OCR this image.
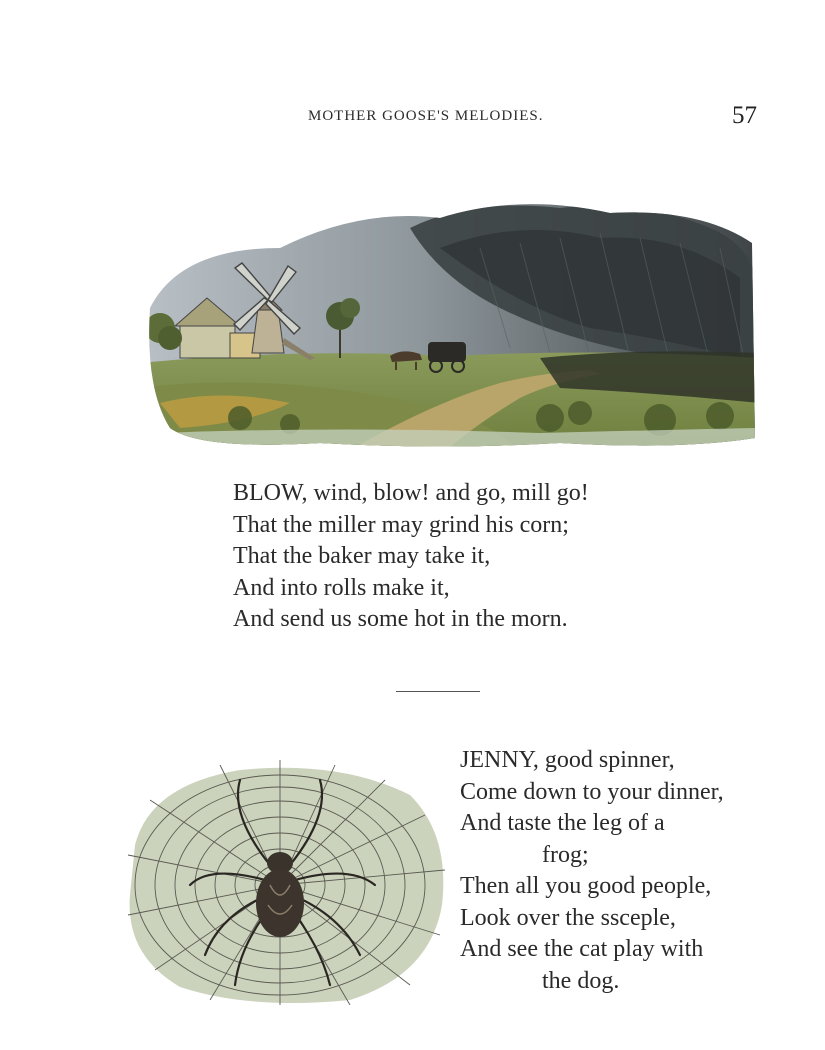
MOTHER GOOSE'S MELODIES.	57
BLOW, wind, blow! and go, mill go!
That the miller may grind his corn;
That the baker may take it,
And into rolls make it,
And send us some hot in the morn.
JENNY, good spinner,
Come down to your dinner,
And taste the leg of a
frog;
Then all you good people,
Look over the ssceple,
And see the cat play with
the dog.
